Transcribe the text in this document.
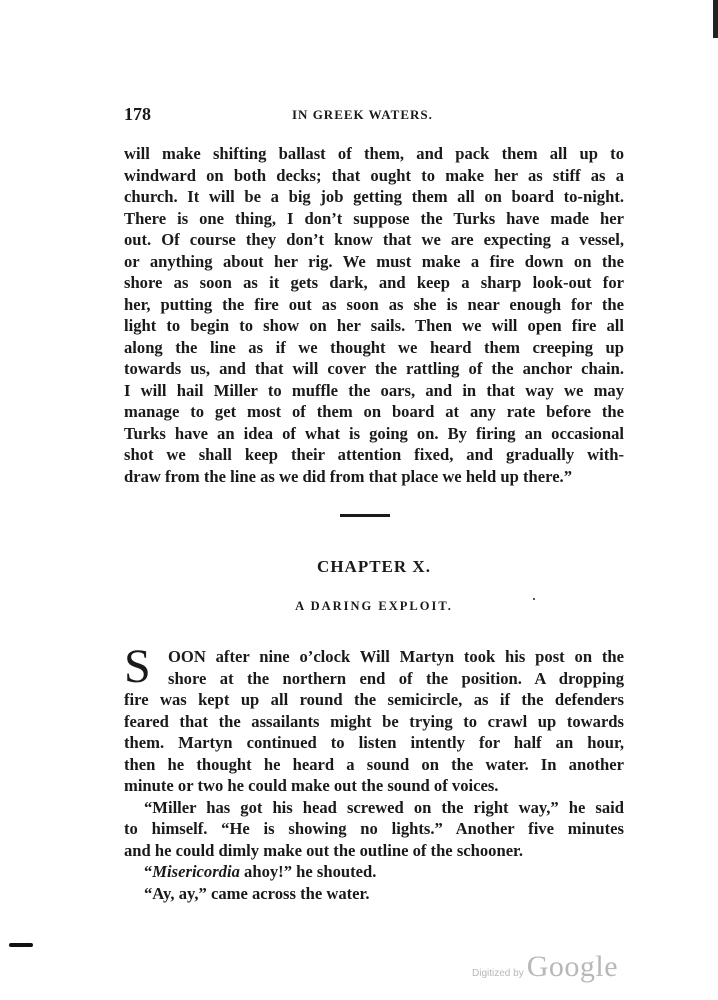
178	IN GREEK WATERS.
will make shifting ballast of them, and pack them all up to
windward on both decks; that ought to make her as stiff as a
church. It will be a big job getting them all on board to-night.
There is one thing, I don’t suppose the Turks have made her
out. Of course they don’t know that we are expecting a vessel,
or anything about her rig. We must make a fire down on the
shore as soon as it gets dark, and keep a sharp look-out for
her, putting the fire out as soon as she is near enough for the
light to begin to show on her sails. Then we will open fire all
along the line as if we thought we heard them creeping up
towards us, and that will cover the rattling of the anchor chain.
I will hail Miller to muffle the oars, and in that way we may
manage to get most of them on board at any rate before the
Turks have an idea of what is going on. By firing an occasional
shot we shall keep their attention fixed, and gradually with-
draw from the line as we did from that place we held up there.”
CHAPTER X.
A DARING EXPLOIT.
S	OON after nine o’clock Will Martyn took his post on the
shore at the northern end of the position. A dropping
fire was kept up all round the semicircle, as if the defenders
feared that the assailants might be trying to crawl up towards
them. Martyn continued to listen intently for half an hour,
then he thought he heard a sound on the water. In another
minute or two he could make out the sound of voices.
“Miller has got his head screwed on the right way,” he said
to himself. “He is showing no lights.” Another five minutes
and he could dimly make out the outline of the schooner.
“Misericordia ahoy!” he shouted.
“Ay, ay,” came across the water.
Digitized by Google
